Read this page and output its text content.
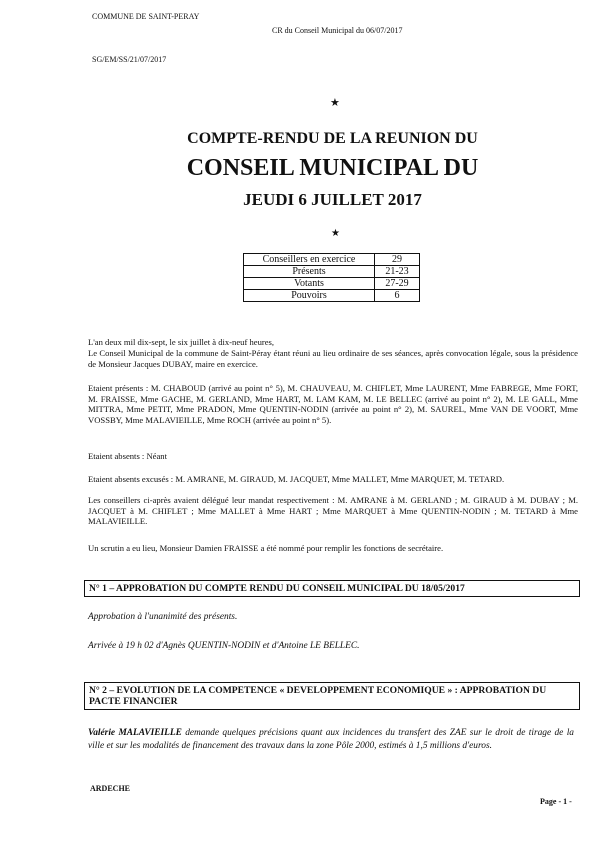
COMMUNE DE SAINT-PERAY
CR du Conseil Municipal du 06/07/2017
SG/EM/SS/21/07/2017
★
COMPTE-RENDU DE LA REUNION DU
CONSEIL MUNICIPAL DU
JEUDI 6 JUILLET 2017
★
Conseillers en exercice	29
Présents	21-23
Votants	27-29
Pouvoirs	6
L'an deux mil dix-sept, le six juillet à dix-neuf heures,
Le Conseil Municipal de la commune de Saint-Péray étant réuni au lieu ordinaire de ses séances, après convocation légale, sous la présidence de Monsieur Jacques DUBAY, maire en exercice.
Etaient présents : M. CHABOUD (arrivé au point n° 5), M. CHAUVEAU, M. CHIFLET, Mme LAURENT, Mme FABREGE, Mme FORT, M. FRAISSE, Mme GACHE, M. GERLAND, Mme HART, M. LAM KAM, M. LE BELLEC (arrivé au point n° 2), M. LE GALL, Mme MITTRA, Mme PETIT, Mme PRADON, Mme QUENTIN-NODIN (arrivée au point n° 2), M. SAUREL, Mme VAN DE VOORT, Mme VOSSBY, Mme MALAVIEILLE, Mme ROCH (arrivée au point n° 5).
Etaient absents : Néant
Etaient absents excusés : M. AMRANE, M. GIRAUD, M. JACQUET, Mme MALLET, Mme MARQUET, M. TETARD.
Les conseillers ci-après avaient délégué leur mandat respectivement : M. AMRANE à M. GERLAND ; M. GIRAUD à M. DUBAY ; M. JACQUET à M. CHIFLET ; Mme MALLET à Mme HART ; Mme MARQUET à Mme QUENTIN-NODIN ; M. TETARD à Mme MALAVIEILLE.
Un scrutin a eu lieu, Monsieur Damien FRAISSE a été nommé pour remplir les fonctions de secrétaire.
N° 1 – APPROBATION DU COMPTE RENDU DU CONSEIL MUNICIPAL DU 18/05/2017
Approbation à l'unanimité des présents.
Arrivée à 19 h 02 d'Agnès QUENTIN-NODIN et d'Antoine LE BELLEC.
N° 2 – EVOLUTION DE LA COMPETENCE « DEVELOPPEMENT ECONOMIQUE » : APPROBATION DU PACTE FINANCIER
Valérie MALAVIEILLE demande quelques précisions quant aux incidences du transfert des ZAE sur le droit de tirage de la ville et sur les modalités de financement des travaux dans la zone Pôle 2000, estimés à 1,5 millions d'euros.
ARDECHE
Page - 1 -
